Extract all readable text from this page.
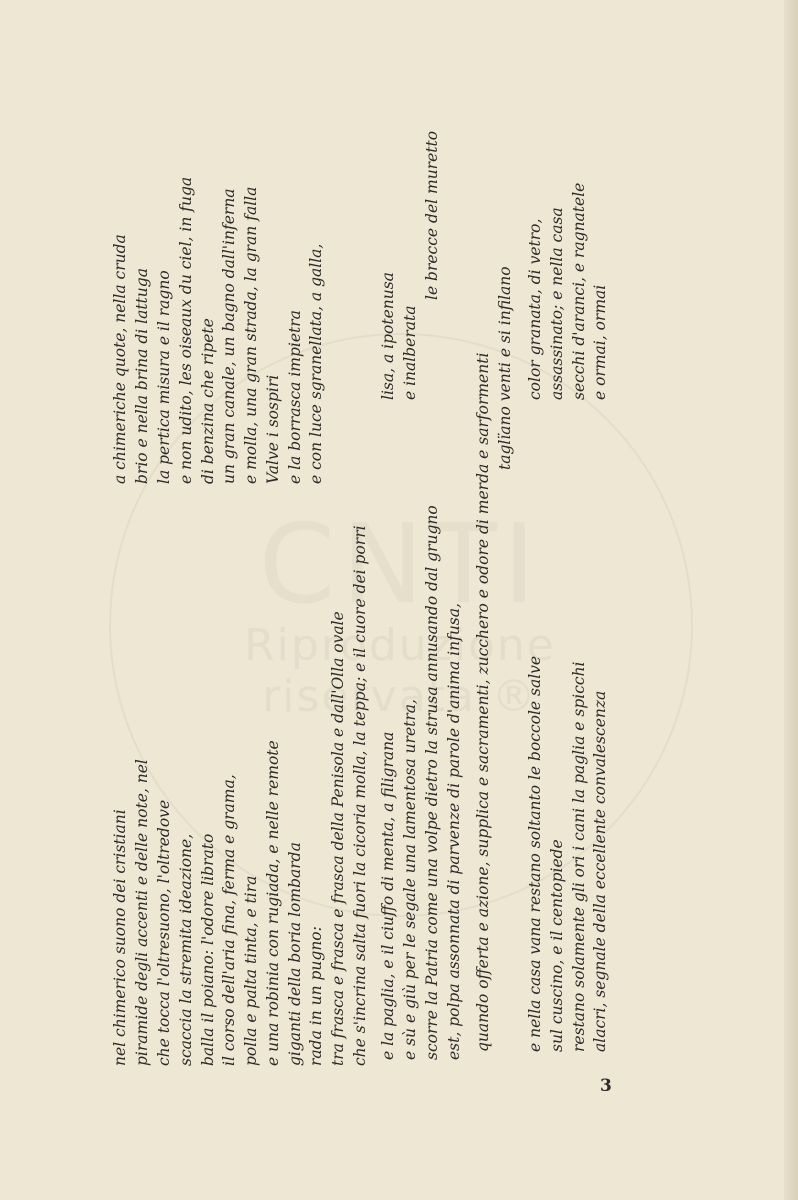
CNTI
Riproduzione riservata ®
nel chimerico suono dei cristiani piramide degli accenti e delle note, nel che tocca l'oltresuono, l'oltredove scaccia la stremita ideazione, balla il poiano: l'odore librato il corso dell'aria fina, ferma e grama, polla e palta tinta, e tira e una robinia con rugiada, e nelle remote giganti della boria lombarda rada in un pugno: tra frasca e frasca e frasca della Penisola e dall'Olla ovale che s'incrina salta fuori la cicoria molla, la teppa; e il cuore dei porri
a chimeriche quote, nella cruda brio e nella brina di lattuga la pertica misura e il ragno e non udito, les oiseaux du ciel, in fuga di benzina che ripete un gran canale, un bagno dall'inferna e molla, una gran strada, la gran falla Valve i sospiri e la borrasca impietra e con luce sgranellata, a galla,
e la paglia, e il ciuffo di menta, a filigrana e sù e giù per le segale una lamentosa uretra, scorre la Patria come una volpe dietro la strusa annusando dal grugno est, polpa assonnata di parvenze di parole d'anima infusa,
lisa, a ipotenusa e inalberata
le brecce del muretto
quando offerta e azione, supplica e sacramenti, zucchero e odore di merda e sarformenti taglïano venti e si infilano
e nella casa vana restano soltanto le boccole salve sul cuscino, e il centopiede restano solamente gli ori i cani la paglia e spicchi alacri, segnale della eccellente convalescenza
color granata, di vetro, assassinato; e nella casa secchi d'aranci, e ragnatele e ormai, ormai
3
